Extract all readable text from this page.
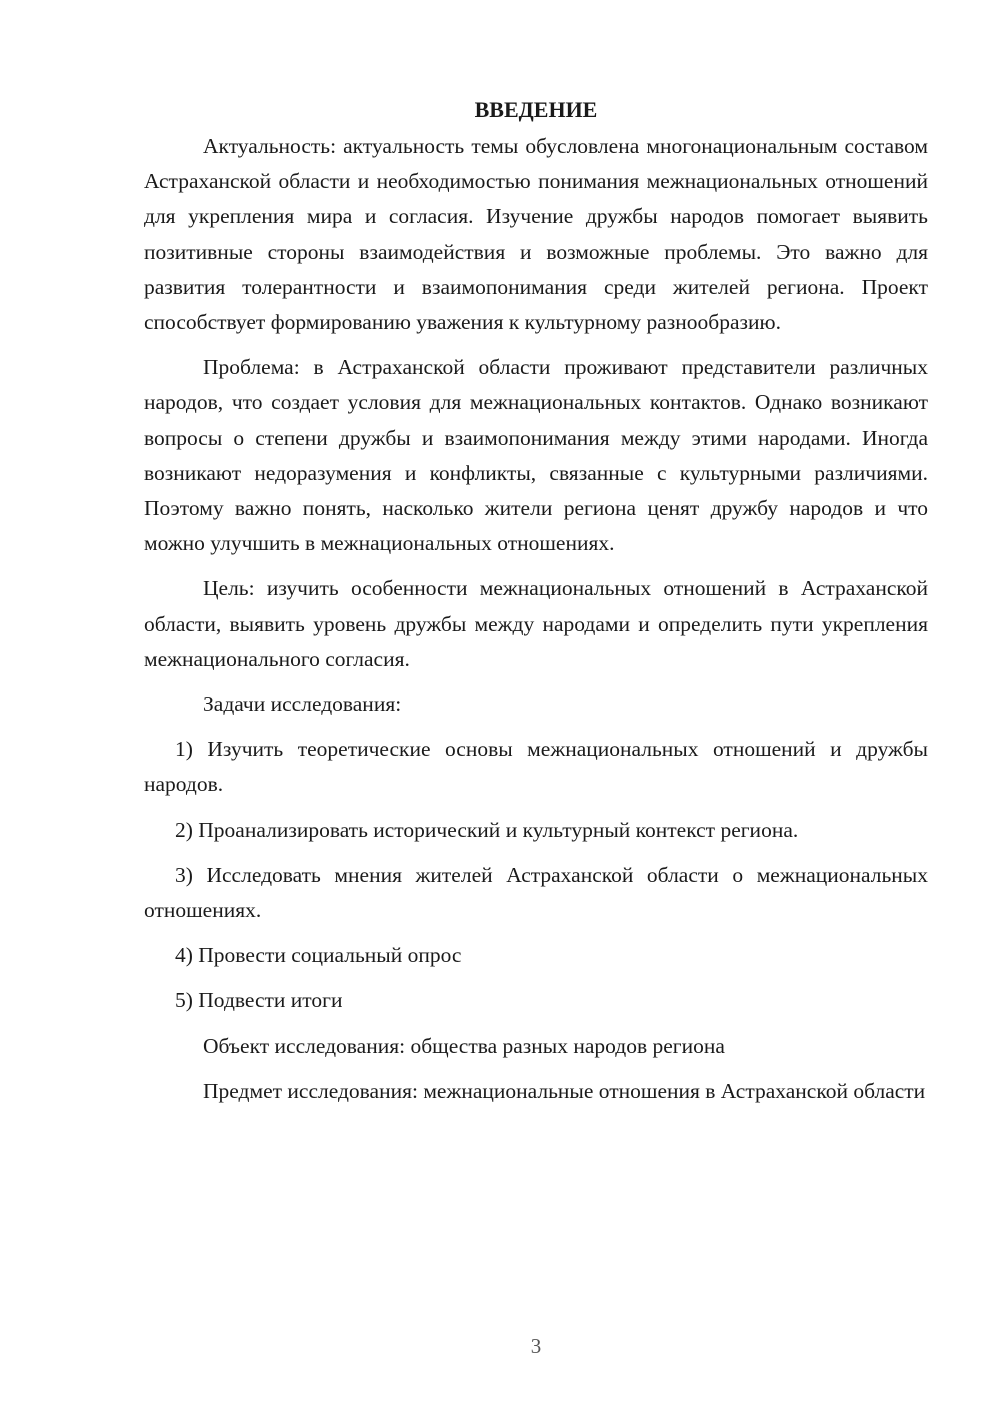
ВВЕДЕНИЕ

Актуальность: актуальность темы обусловлена многонациональным составом Астраханской области и необходимостью понимания межнациональных отношений для укрепления мира и согласия. Изучение дружбы народов помогает выявить позитивные стороны взаимодействия и возможные проблемы. Это важно для развития толерантности и взаимопонимания среди жителей региона. Проект способствует формированию уважения к культурному разнообразию.

Проблема: в Астраханской области проживают представители различных народов, что создает условия для межнациональных контактов. Однако возникают вопросы о степени дружбы и взаимопонимания между этими народами. Иногда возникают недоразумения и конфликты, связанные с культурными различиями. Поэтому важно понять, насколько жители региона ценят дружбу народов и что можно улучшить в межнациональных отношениях.

Цель: изучить особенности межнациональных отношений в Астраханской области, выявить уровень дружбы между народами и определить пути укрепления межнационального согласия.

Задачи исследования:

1) Изучить теоретические основы межнациональных отношений и дружбы народов.

2) Проанализировать исторический и культурный контекст региона.

3) Исследовать мнения жителей Астраханской области о межнациональных отношениях.

4) Провести социальный опрос

5) Подвести итоги

Объект исследования: общества разных народов региона

Предмет исследования: межнациональные отношения в Астраханской области

3
